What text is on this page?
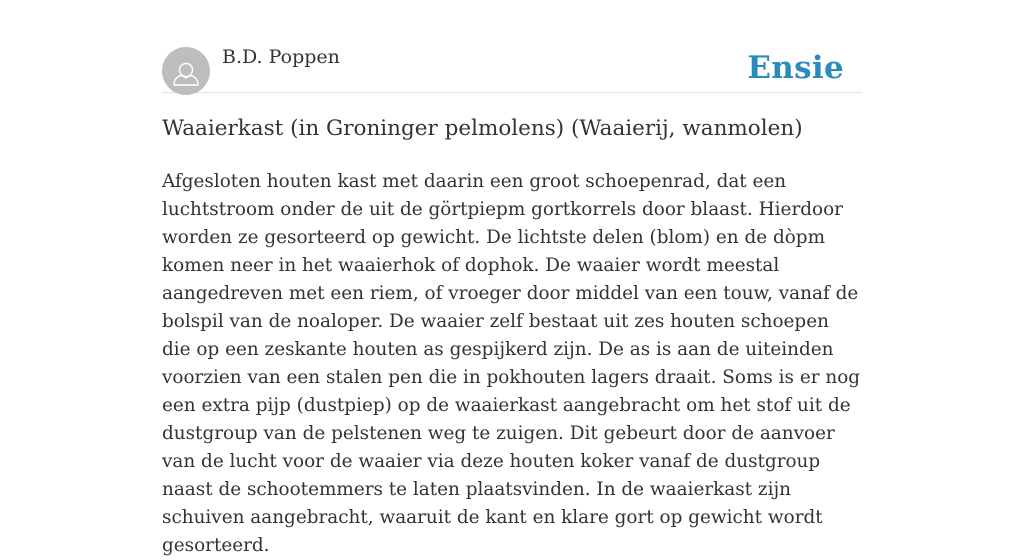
B.D. Poppen	Ensie
Waaierkast (in Groninger pelmolens) (Waaierij, wanmolen)

Afgesloten houten kast met daarin een groot schoepenrad, dat een luchtstroom onder de uit de görtpiepm gortkorrels door blaast. Hierdoor worden ze gesorteerd op gewicht. De lichtste delen (blom) en de dòpm komen neer in het waaierhok of dophok. De waaier wordt meestal aangedreven met een riem, of vroeger door middel van een touw, vanaf de bolspil van de noaloper. De waaier zelf bestaat uit zes houten schoepen die op een zeskante houten as gespijkerd zijn. De as is aan de uiteinden voorzien van een stalen pen die in pokhouten lagers draait. Soms is er nog een extra pijp (dustpiep) op de waaierkast aangebracht om het stof uit de dustgroup van de pelstenen weg te zuigen. Dit gebeurt door de aanvoer van de lucht voor de waaier via deze houten koker vanaf de dustgroup naast de schootemmers te laten plaatsvinden. In de waaierkast zijn schuiven aangebracht, waaruit de kant en klare gort op gewicht wordt gesorteerd.
